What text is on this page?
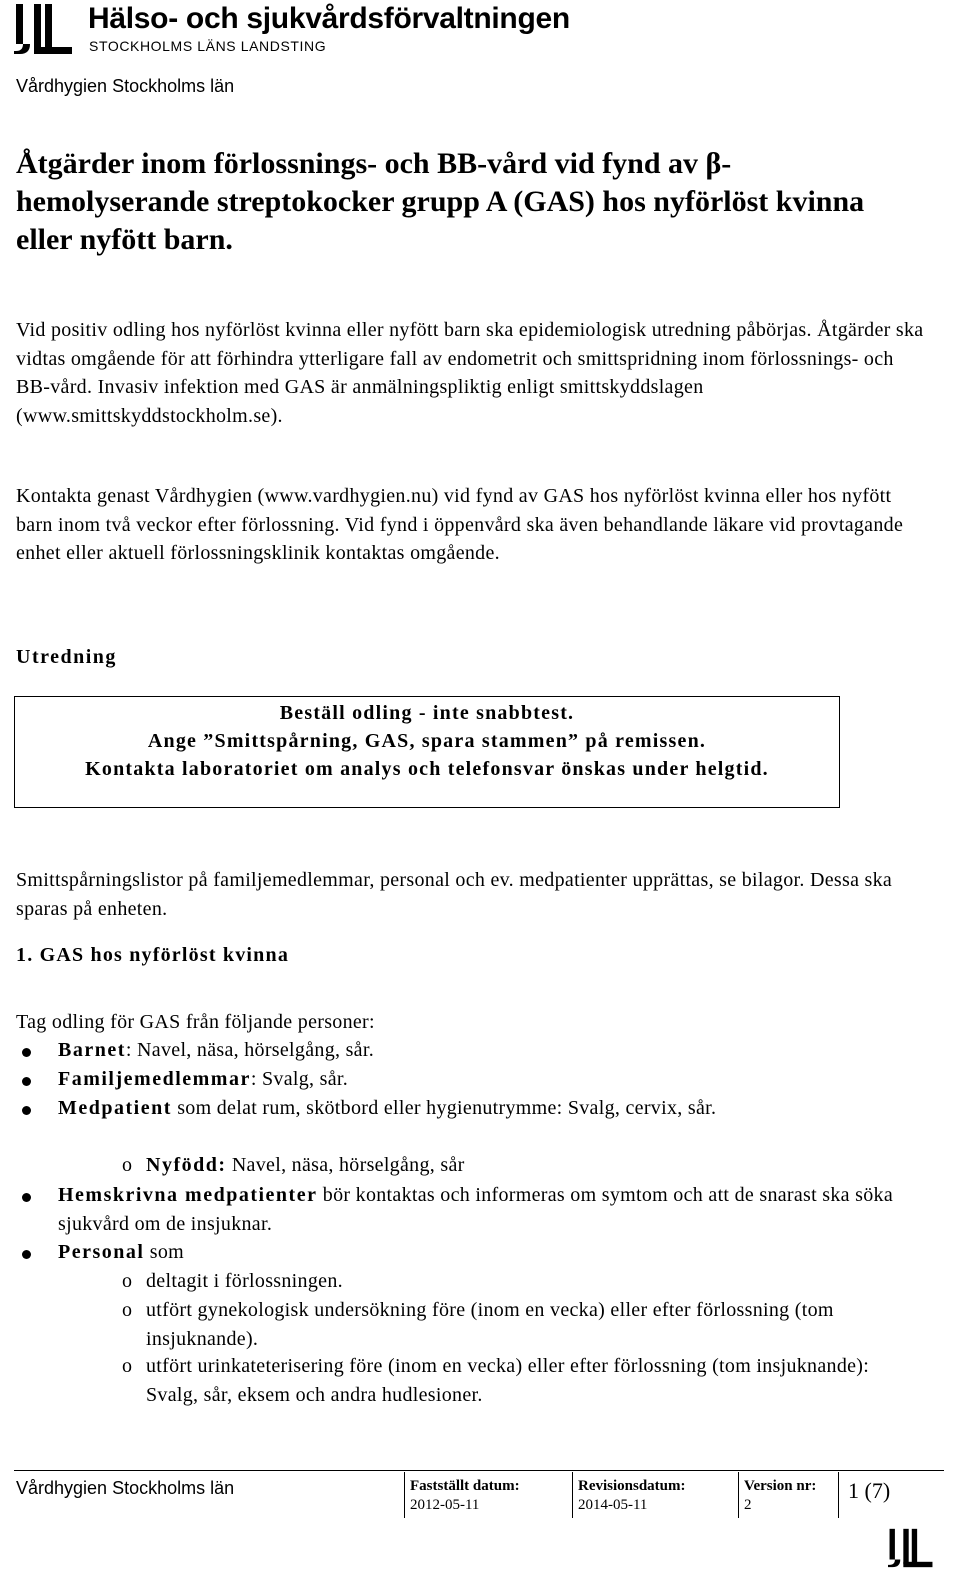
Hälso- och sjukvårdsförvaltningen
STOCKHOLMS LÄNS LANDSTING
Vårdhygien Stockholms län
Åtgärder inom förlossnings- och BB-vård vid fynd av β-hemolyserande streptokocker grupp A (GAS) hos nyförlöst kvinna eller nyfött barn.
Vid positiv odling hos nyförlöst kvinna eller nyfött barn ska epidemiologisk utredning påbörjas. Åtgärder ska vidtas omgående för att förhindra ytterligare fall av endometrit och smittspridning inom förlossnings- och BB-vård. Invasiv infektion med GAS är anmälningspliktig enligt smittskyddslagen (www.smittskyddstockholm.se).
Kontakta genast Vårdhygien (www.vardhygien.nu) vid fynd av GAS hos nyförlöst kvinna eller hos nyfött barn inom två veckor efter förlossning. Vid fynd i öppenvård ska även behandlande läkare vid provtagande enhet eller aktuell förlossningsklinik kontaktas omgående.
Utredning
Beställ odling - inte snabbtest.
Ange ”Smittspårning, GAS, spara stammen” på remissen.
Kontakta laboratoriet om analys och telefonsvar önskas under helgtid.
Smittspårningslistor på familjemedlemmar, personal och ev. medpatienter upprättas, se bilagor. Dessa ska sparas på enheten.
1. GAS hos nyförlöst kvinna
Tag odling för GAS från följande personer:
Barnet: Navel, näsa, hörselgång, sår.
Familjemedlemmar: Svalg, sår.
Medpatient som delat rum, skötbord eller hygienutrymme: Svalg, cervix, sår.
o Nyfödd: Navel, näsa, hörselgång, sår
Hemskrivna medpatienter bör kontaktas och informeras om symtom och att de snarast ska söka sjukvård om de insjuknar.
Personal som
o deltagit i förlossningen.
o utfört gynekologisk undersökning före (inom en vecka) eller efter förlossning (tom insjuknande).
o utfört urinkateterisering före (inom en vecka) eller efter förlossning (tom insjuknande): Svalg, sår, eksem och andra hudlesioner.
Vårdhygien Stockholms län	Fastställt datum:
2012-05-11
Revisionsdatum:
2014-05-11
Version nr:
2
1 (7)
